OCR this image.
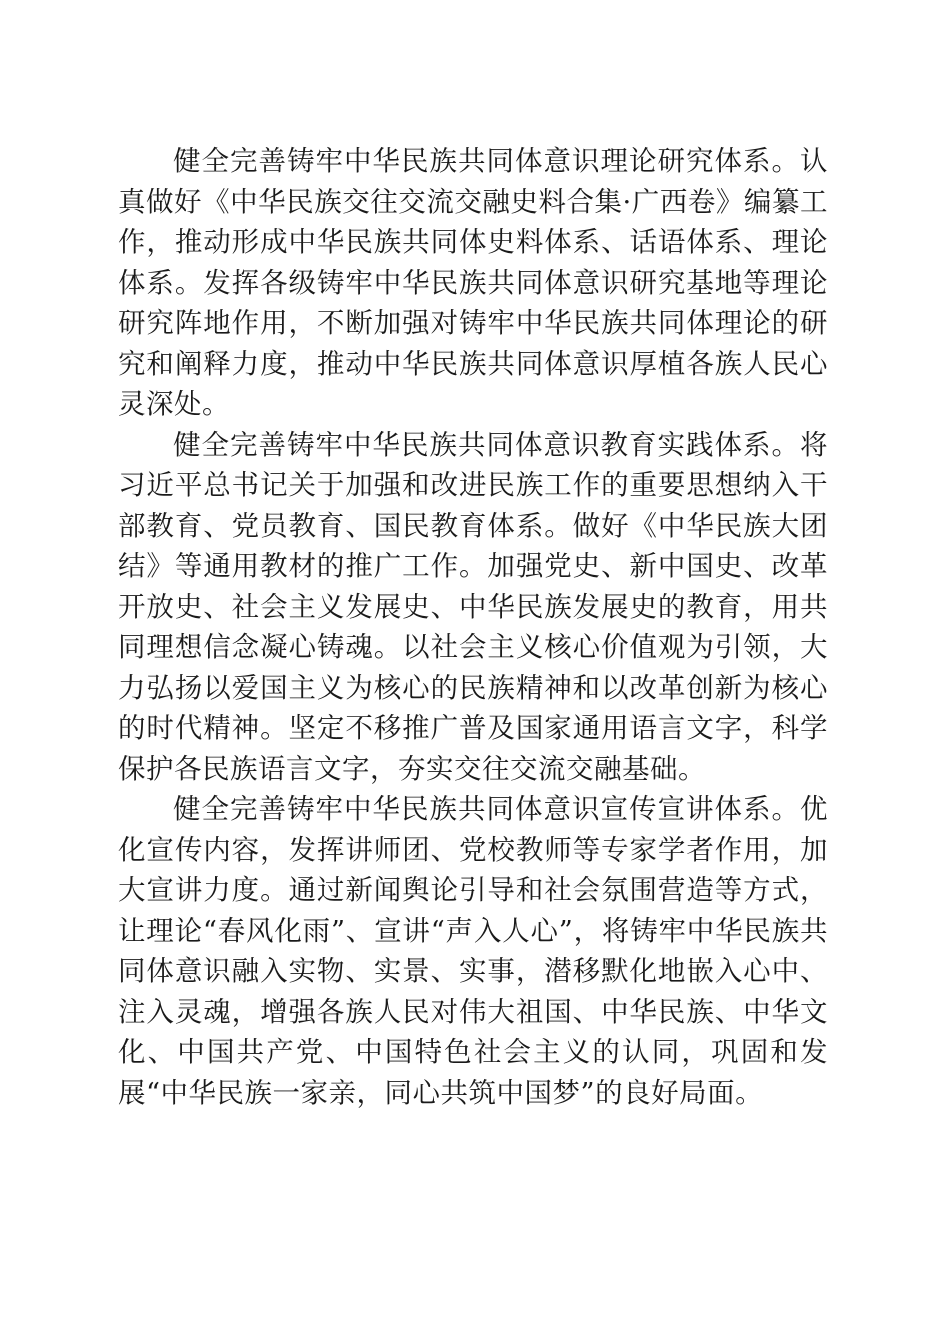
健全完善铸牢中华民族共同体意识理论研究体系。认真做好《中华民族交往交流交融史料合集·广西卷》编纂工作，推动形成中华民族共同体史料体系、话语体系、理论体系。发挥各级铸牢中华民族共同体意识研究基地等理论研究阵地作用，不断加强对铸牢中华民族共同体理论的研究和阐释力度，推动中华民族共同体意识厚植各族人民心灵深处。

健全完善铸牢中华民族共同体意识教育实践体系。将习近平总书记关于加强和改进民族工作的重要思想纳入干部教育、党员教育、国民教育体系。做好《中华民族大团结》等通用教材的推广工作。加强党史、新中国史、改革开放史、社会主义发展史、中华民族发展史的教育，用共同理想信念凝心铸魂。以社会主义核心价值观为引领，大力弘扬以爱国主义为核心的民族精神和以改革创新为核心的时代精神。坚定不移推广普及国家通用语言文字，科学保护各民族语言文字，夯实交往交流交融基础。

健全完善铸牢中华民族共同体意识宣传宣讲体系。优化宣传内容，发挥讲师团、党校教师等专家学者作用，加大宣讲力度。通过新闻舆论引导和社会氛围营造等方式，让理论“春风化雨”、宣讲“声入人心”，将铸牢中华民族共同体意识融入实物、实景、实事，潜移默化地嵌入心中、注入灵魂，增强各族人民对伟大祖国、中华民族、中华文化、中国共产党、中国特色社会主义的认同，巩固和发展“中华民族一家亲，同心共筑中国梦”的良好局面。
